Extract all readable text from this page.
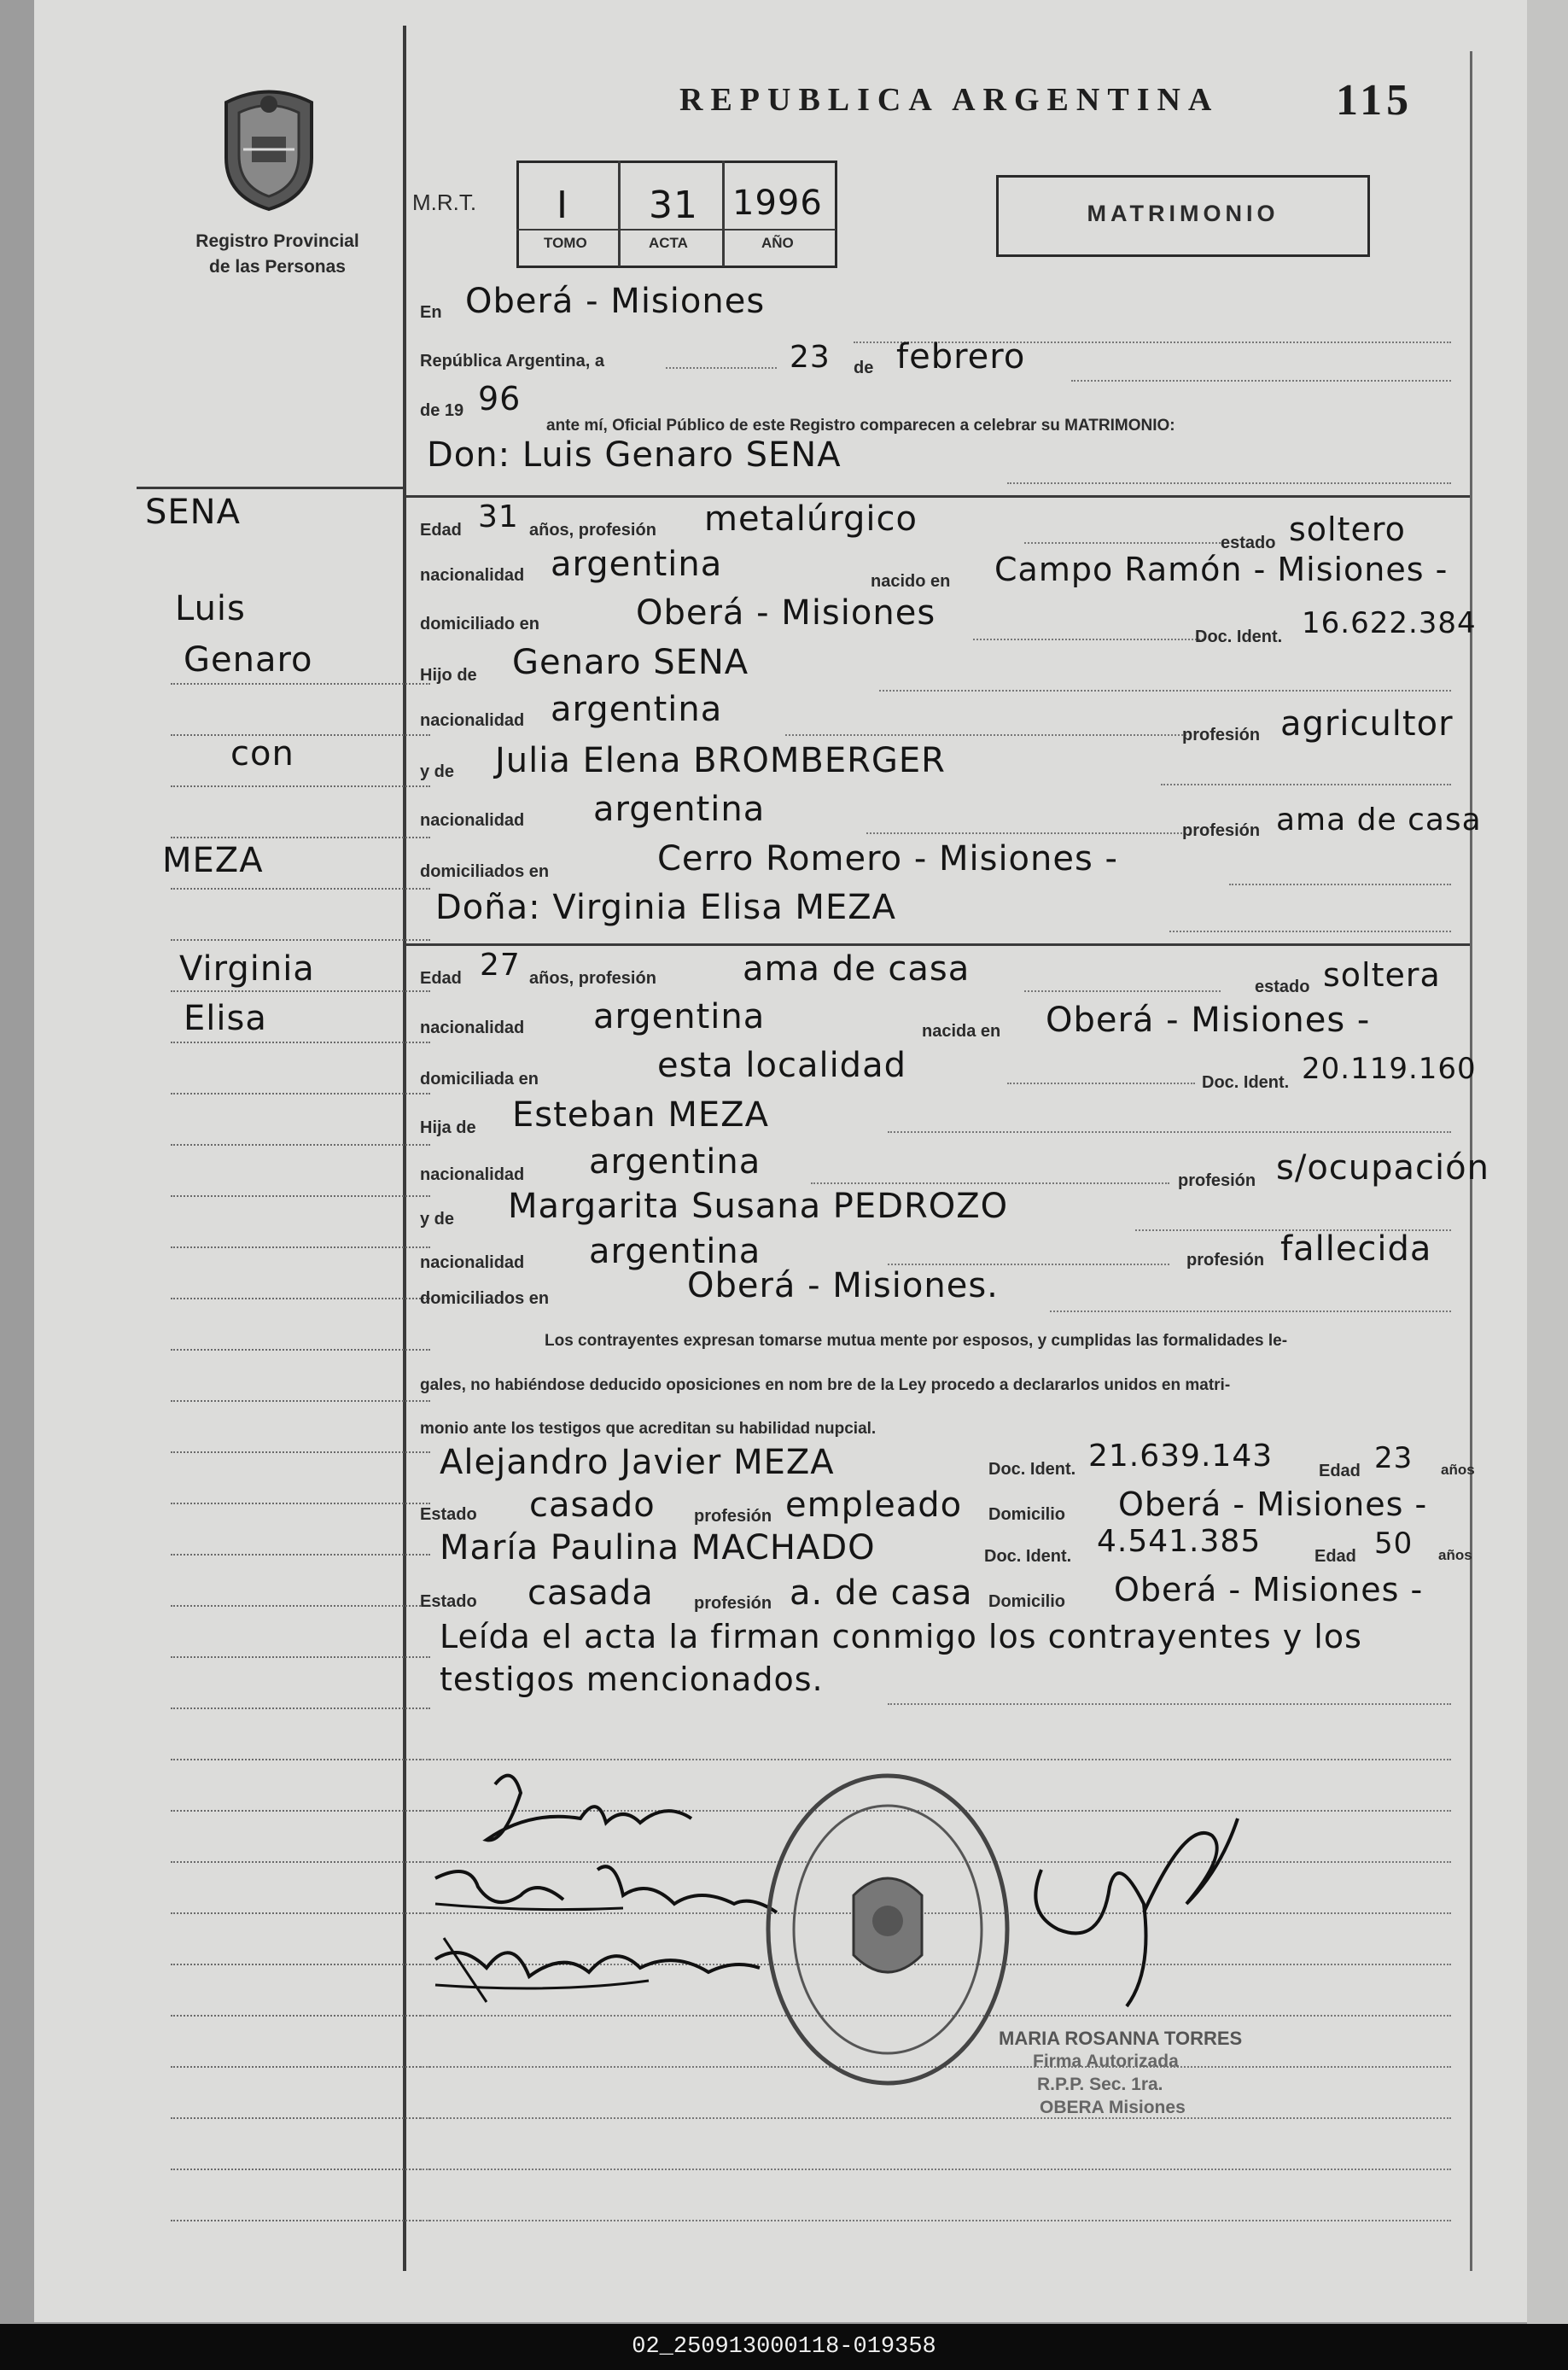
Registro Provincial
de las Personas
REPUBLICA ARGENTINA	115
M.R.T. I 31 1996
TOMO	ACTA	AÑO
MATRIMONIO
SENA
Luis
Genaro
con
MEZA
Virginia
Elisa
En Oberá - Misiones
República Argentina, a	23 de febrero
de 19 96
ante mí, Oficial Público de este Registro comparecen a celebrar su MATRIMONIO:
Don: Luis Genaro SENA
Edad 31 años, profesión metalúrgico
estado soltero
nacionalidad argentina	nacido en Campo Ramón - Misiones -
domiciliado en	Oberá - Misiones
Doc. Ident. 16.622.384
Hijo de Genaro SENA
nacionalidad argentina
profesión agricultor
y de Julia Elena BROMBERGER
nacionalidad argentina
profesión ama de casa
domiciliados en	Cerro Romero - Misiones -
Doña: Virginia Elisa MEZA
Edad 27 años, profesión	ama de casa	estado soltera
nacionalidad argentina	nacida en Oberá - Misiones -
domiciliada en	esta localidad	Doc. Ident. 20.119.160
Hija de Esteban MEZA
nacionalidad argentina	profesión s/ocupación
y de Margarita Susana PEDROZO
nacionalidad argentina	profesión fallecida
domiciliados en	Oberá - Misiones.
Los contrayentes expresan tomarse mutua mente por esposos, y cumplidas las formalidades le-
gales, no habiéndose deducido oposiciones en nom bre de la Ley procedo a declararlos unidos en matri-
monio ante los testigos que acreditan su habilidad nupcial.
Alejandro Javier MEZA	Doc. Ident. 21.639.143	Edad 23 años
Estado casado profesión empleado Domicilio Oberá - Misiones -
María Paulina MACHADO	Doc. Ident. 4.541.385	Edad 50 años
Estado casada profesión a. de casa Domicilio Oberá - Misiones -
Leída el acta la firman conmigo los contrayentes y los
testigos mencionados.
MARIA ROSANNA TORRES
Firma Autorizada
R.P.P. Sec. 1ra.
OBERA Misiones
02_250913000118-019358
